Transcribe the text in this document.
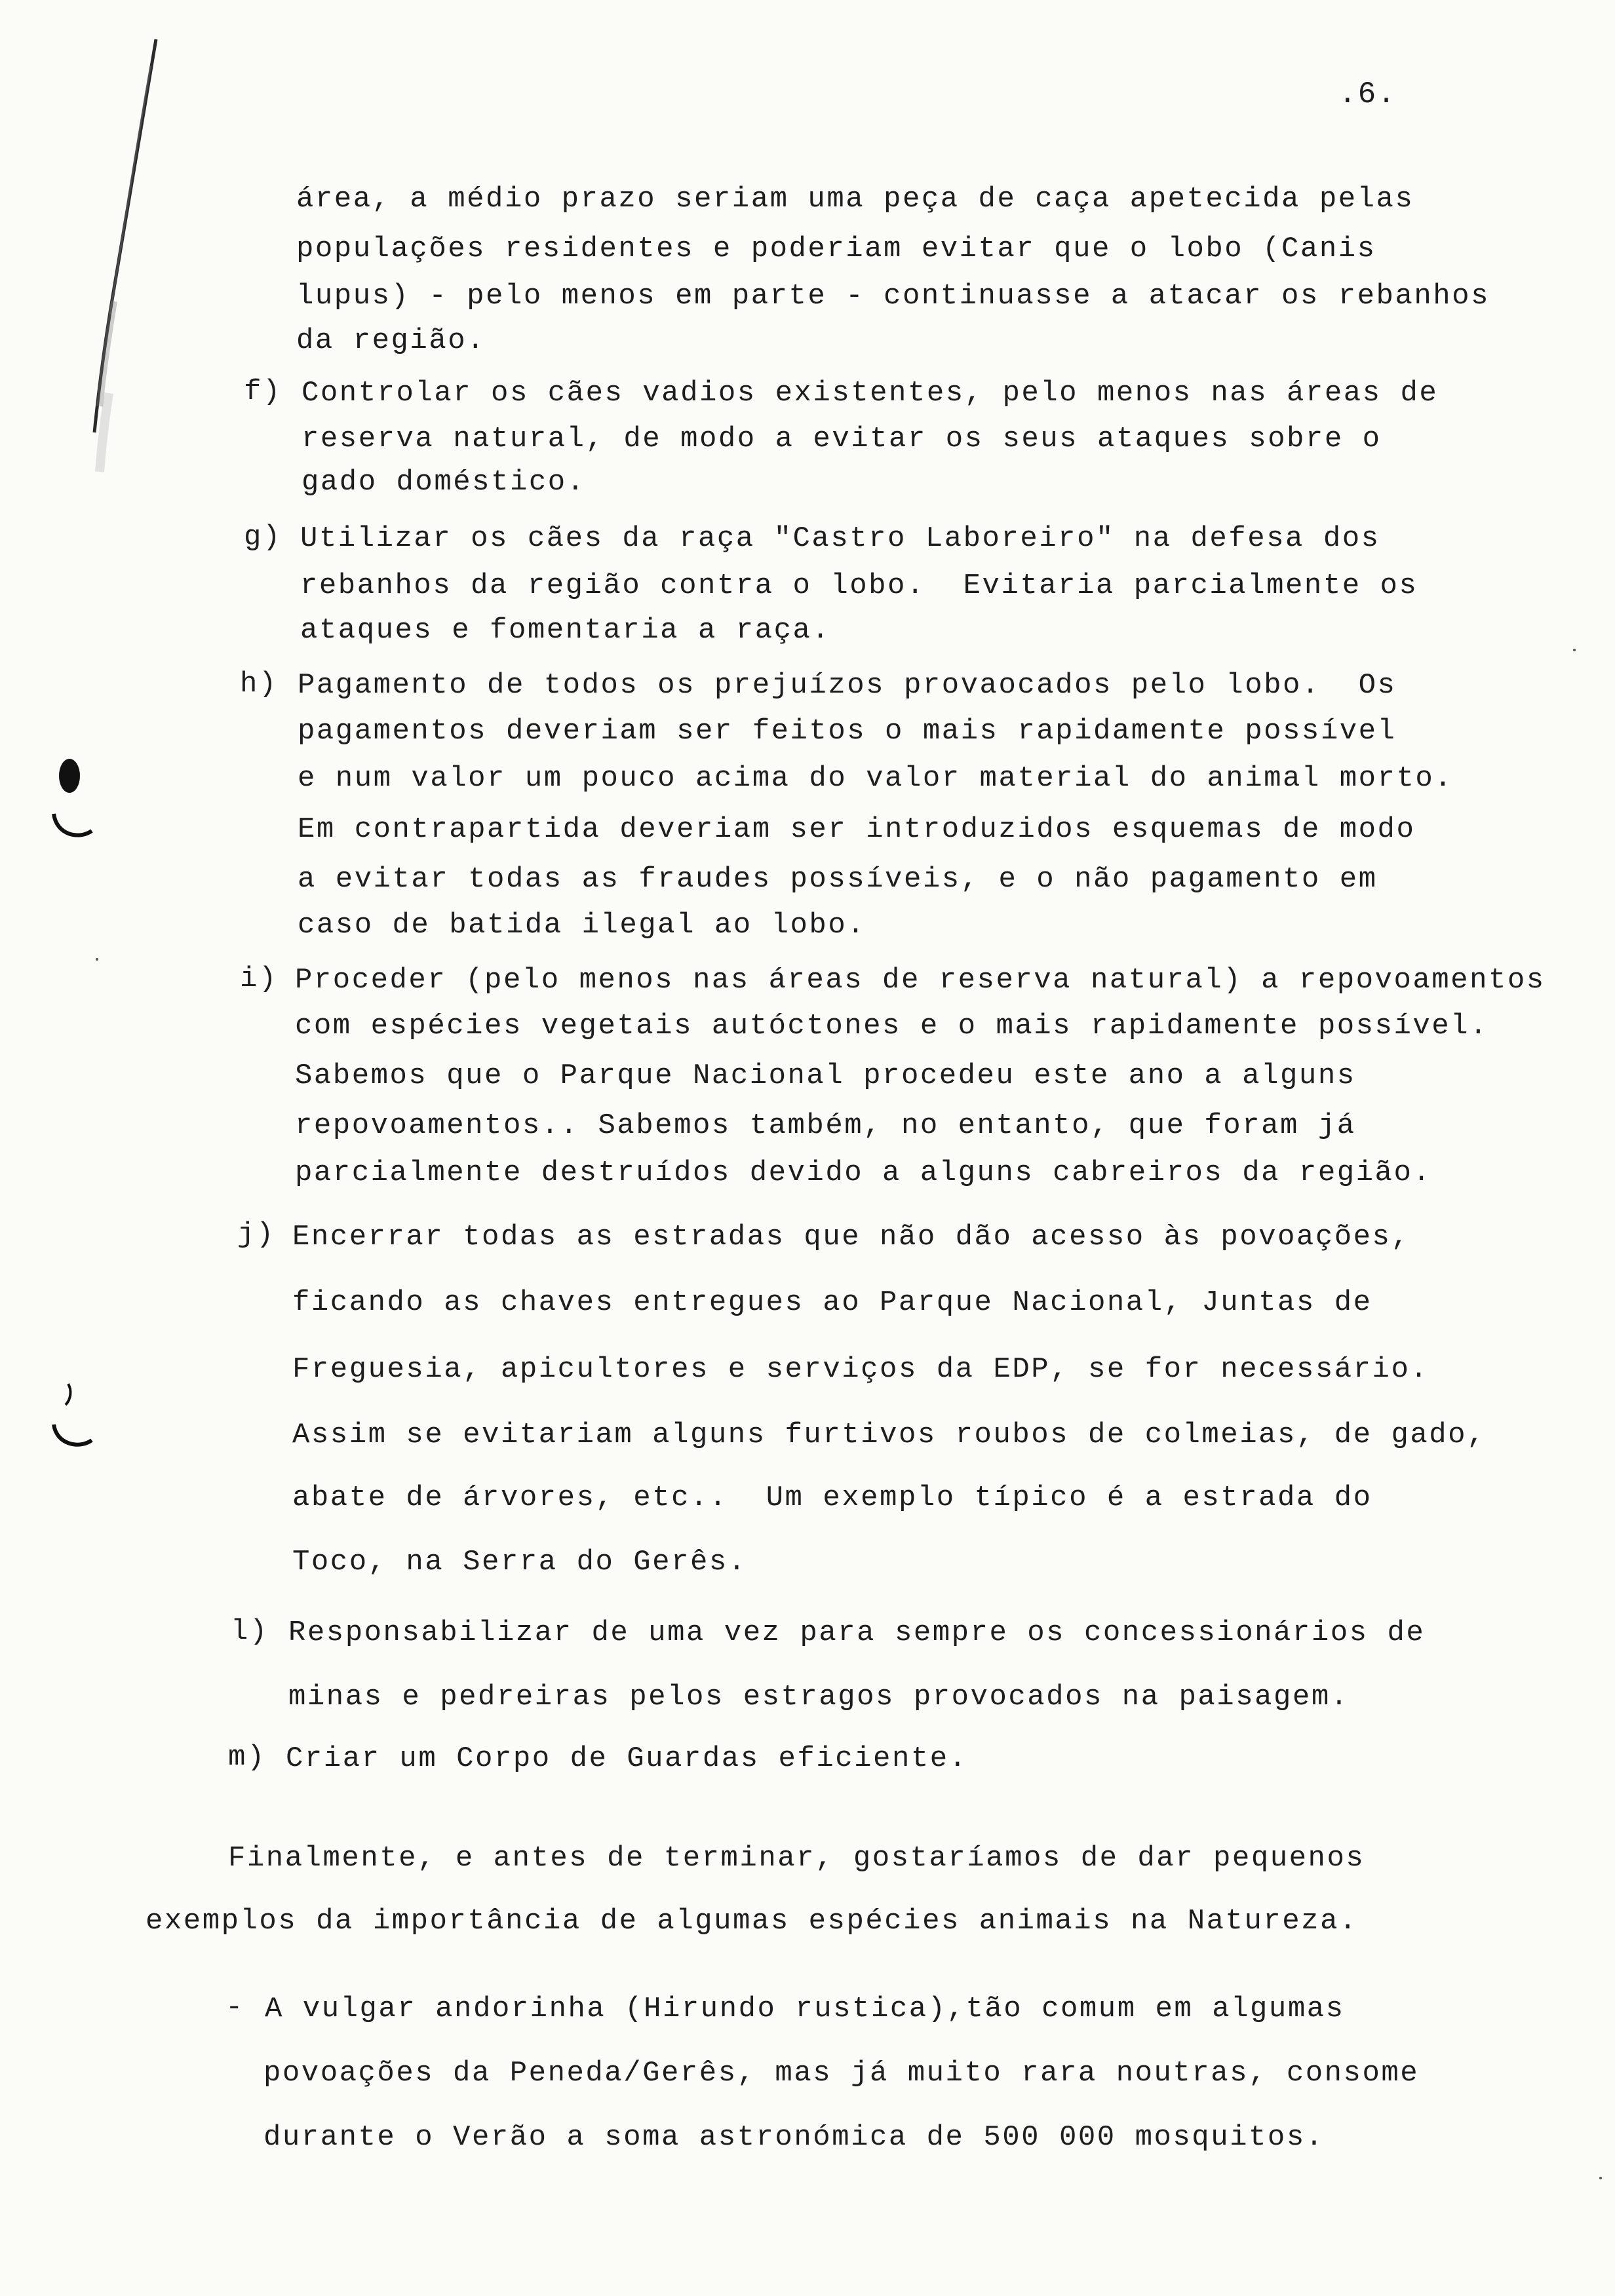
.6.
área, a médio prazo seriam uma peça de caça apetecida pelas
populações residentes e poderiam evitar que o lobo (Canis
lupus) - pelo menos em parte - continuasse a atacar os rebanhos
da região.
f) Controlar os cães vadios existentes, pelo menos nas áreas de
reserva natural, de modo a evitar os seus ataques sobre o
gado doméstico.
g) Utilizar os cães da raça "Castro Laboreiro" na defesa dos
rebanhos da região contra o lobo.  Evitaria parcialmente os
ataques e fomentaria a raça.
h) Pagamento de todos os prejuízos provaocados pelo lobo.  Os
pagamentos deveriam ser feitos o mais rapidamente possível
e num valor um pouco acima do valor material do animal morto.
Em contrapartida deveriam ser introduzidos esquemas de modo
a evitar todas as fraudes possíveis, e o não pagamento em
caso de batida ilegal ao lobo.
i) Proceder (pelo menos nas áreas de reserva natural) a repovoamentos
com espécies vegetais autóctones e o mais rapidamente possível.
Sabemos que o Parque Nacional procedeu este ano a alguns
repovoamentos.. Sabemos também, no entanto, que foram já
parcialmente destruídos devido a alguns cabreiros da região.
j) Encerrar todas as estradas que não dão acesso às povoações,
ficando as chaves entregues ao Parque Nacional, Juntas de
Freguesia, apicultores e serviços da EDP, se for necessário.
Assim se evitariam alguns furtivos roubos de colmeias, de gado,
abate de árvores, etc..  Um exemplo típico é a estrada do
Toco, na Serra do Gerês.
l) Responsabilizar de uma vez para sempre os concessionários de
minas e pedreiras pelos estragos provocados na paisagem.
m) Criar um Corpo de Guardas eficiente.
Finalmente, e antes de terminar, gostaríamos de dar pequenos
exemplos da importância de algumas espécies animais na Natureza.
- A vulgar andorinha (Hirundo rustica),tão comum em algumas
povoações da Peneda/Gerês, mas já muito rara noutras, consome
durante o Verão a soma astronómica de 500 000 mosquitos.
